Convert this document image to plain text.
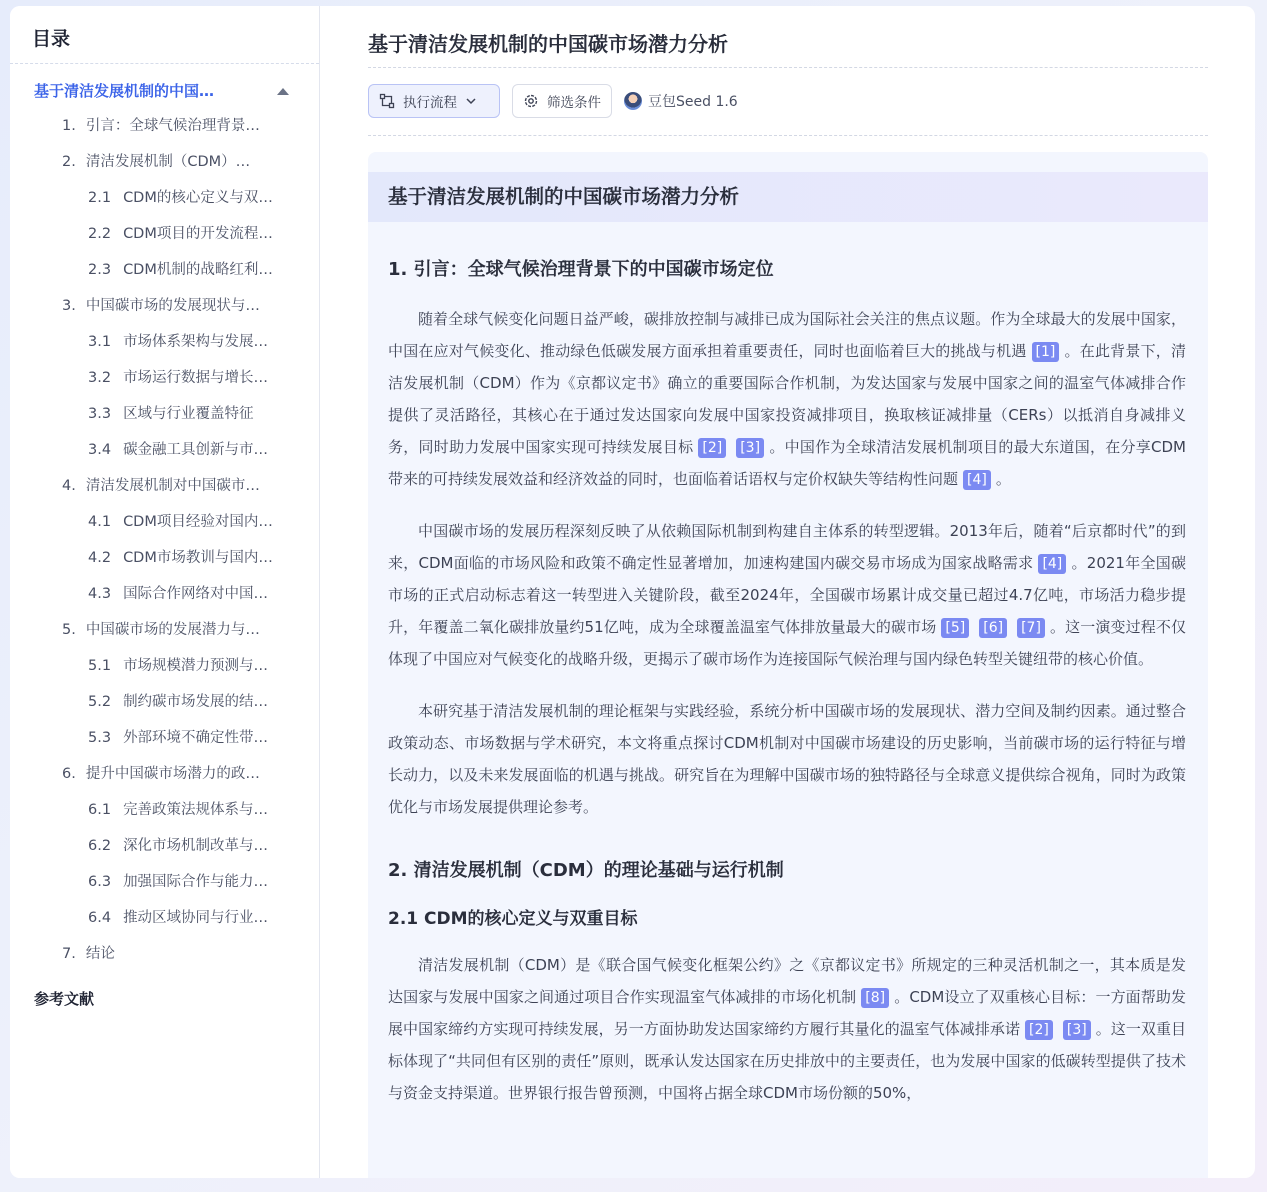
目录
基于清洁发展机制的中国…
1. 引言：全球气候治理背景…
2. 清洁发展机制（CDM）…
2.1 CDM的核心定义与双…
2.2 CDM项目的开发流程…
2.3 CDM机制的战略红利…
3. 中国碳市场的发展现状与…
3.1 市场体系架构与发展…
3.2 市场运行数据与增长…
3.3 区域与行业覆盖特征
3.4 碳金融工具创新与市…
4. 清洁发展机制对中国碳市…
4.1 CDM项目经验对国内…
4.2 CDM市场教训与国内…
4.3 国际合作网络对中国…
5. 中国碳市场的发展潜力与…
5.1 市场规模潜力预测与…
5.2 制约碳市场发展的结…
5.3 外部环境不确定性带…
6. 提升中国碳市场潜力的政…
6.1 完善政策法规体系与…
6.2 深化市场机制改革与…
6.3 加强国际合作与能力…
6.4 推动区域协同与行业…
7. 结论
参考文献
基于清洁发展机制的中国碳市场潜力分析
执行流程	筛选条件	豆包Seed 1.6
基于清洁发展机制的中国碳市场潜力分析
1. 引言：全球气候治理背景下的中国碳市场定位

随着全球气候变化问题日益严峻，碳排放控制与减排已成为国际社会关注的焦点议题。作为全球最大的发展中国家，中国在应对气候变化、推动绿色低碳发展方面承担着重要责任，同时也面临着巨大的挑战与机遇 [1] 。在此背景下，清洁发展机制（CDM）作为《京都议定书》确立的重要国际合作机制，为发达国家与发展中国家之间的温室气体减排合作提供了灵活路径，其核心在于通过发达国家向发展中国家投资减排项目，换取核证减排量（CERs）以抵消自身减排义务，同时助力发展中国家实现可持续发展目标 [2] [3] 。中国作为全球清洁发展机制项目的最大东道国，在分享CDM带来的可持续发展效益和经济效益的同时，也面临着话语权与定价权缺失等结构性问题 [4] 。

中国碳市场的发展历程深刻反映了从依赖国际机制到构建自主体系的转型逻辑。2013年后，随着“后京都时代”的到来，CDM面临的市场风险和政策不确定性显著增加，加速构建国内碳交易市场成为国家战略需求 [4] 。2021年全国碳市场的正式启动标志着这一转型进入关键阶段，截至2024年，全国碳市场累计成交量已超过4.7亿吨，市场活力稳步提升，年覆盖二氧化碳排放量约51亿吨，成为全球覆盖温室气体排放量最大的碳市场 [5] [6] [7] 。这一演变过程不仅体现了中国应对气候变化的战略升级，更揭示了碳市场作为连接国际气候治理与国内绿色转型关键纽带的核心价值。

本研究基于清洁发展机制的理论框架与实践经验，系统分析中国碳市场的发展现状、潜力空间及制约因素。通过整合政策动态、市场数据与学术研究，本文将重点探讨CDM机制对中国碳市场建设的历史影响，当前碳市场的运行特征与增长动力，以及未来发展面临的机遇与挑战。研究旨在为理解中国碳市场的独特路径与全球意义提供综合视角，同时为政策优化与市场发展提供理论参考。

2. 清洁发展机制（CDM）的理论基础与运行机制
2.1 CDM的核心定义与双重目标

清洁发展机制（CDM）是《联合国气候变化框架公约》之《京都议定书》所规定的三种灵活机制之一，其本质是发达国家与发展中国家之间通过项目合作实现温室气体减排的市场化机制 [8] 。CDM设立了双重核心目标：一方面帮助发展中国家缔约方实现可持续发展，另一方面协助发达国家缔约方履行其量化的温室气体减排承诺 [2] [3] 。这一双重目标体现了“共同但有区别的责任”原则，既承认发达国家在历史排放中的主要责任，也为发展中国家的低碳转型提供了技术与资金支持渠道。世界银行报告曾预测，中国将占据全球CDM市场份额的50%，
